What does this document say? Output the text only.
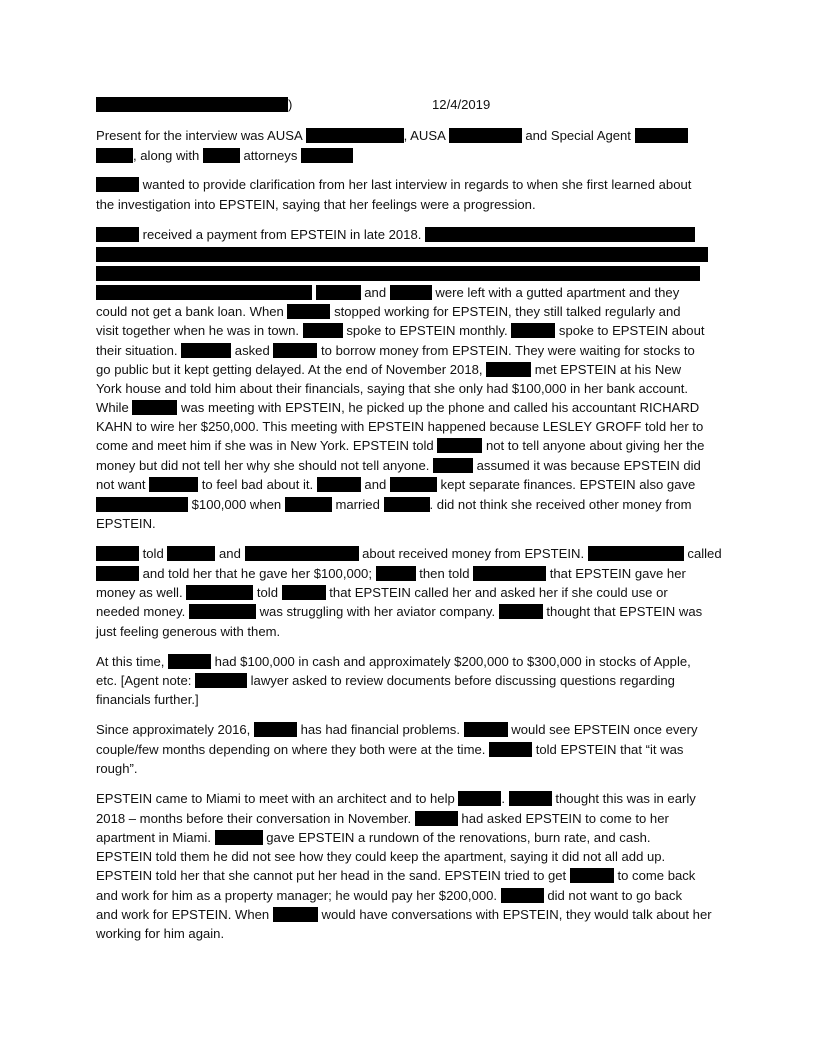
)	12/4/2019
Present for the interview was AUSA	, AUSA	and Special Agent
, along with	attorneys
wanted to provide clarification from her last interview in regards to when she first learned about
the investigation into EPSTEIN, saying that her feelings were a progression.
received a payment from EPSTEIN in late 2018.
and	were left with a gutted apartment and they
could not get a bank loan. When	stopped working for EPSTEIN, they still talked regularly and
visit together when he was in town.	spoke to EPSTEIN monthly.	spoke to EPSTEIN about
their situation.	asked	to borrow money from EPSTEIN. They were waiting for stocks to
go public but it kept getting delayed. At the end of November 2018,	met EPSTEIN at his New
York house and told him about their financials, saying that she only had $100,000 in her bank account.
While	was meeting with EPSTEIN, he picked up the phone and called his accountant RICHARD
KAHN to wire her $250,000. This meeting with EPSTEIN happened because LESLEY GROFF told her to
come and meet him if she was in New York. EPSTEIN told	not to tell anyone about giving her the
money but did not tell her why she should not tell anyone.	assumed it was because EPSTEIN did
not want	to feel bad about it.	and	kept separate finances. EPSTEIN also gave
$100,000 when	married	. did not think she received other money from
EPSTEIN.
told	and	about received money from EPSTEIN.	called
and told her that he gave her $100,000;	then told	that EPSTEIN gave her
money as well.	told	that EPSTEIN called her and asked her if she could use or
needed money.	was struggling with her aviator company.	thought that EPSTEIN was
just feeling generous with them.
At this time,	had $100,000 in cash and approximately $200,000 to $300,000 in stocks of Apple,
etc. [Agent note:	lawyer asked to review documents before discussing questions regarding
financials further.]
Since approximately 2016,	has had financial problems.	would see EPSTEIN once every
couple/few months depending on where they both were at the time.	told EPSTEIN that “it was
rough”.
EPSTEIN came to Miami to meet with an architect and to help	.	thought this was in early
2018 – months before their conversation in November.	had asked EPSTEIN to come to her
apartment in Miami.	gave EPSTEIN a rundown of the renovations, burn rate, and cash.
EPSTEIN told them he did not see how they could keep the apartment, saying it did not all add up.
EPSTEIN told her that she cannot put her head in the sand. EPSTEIN tried to get	to come back
and work for him as a property manager; he would pay her $200,000.	did not want to go back
and work for EPSTEIN. When	would have conversations with EPSTEIN, they would talk about her
working for him again.
